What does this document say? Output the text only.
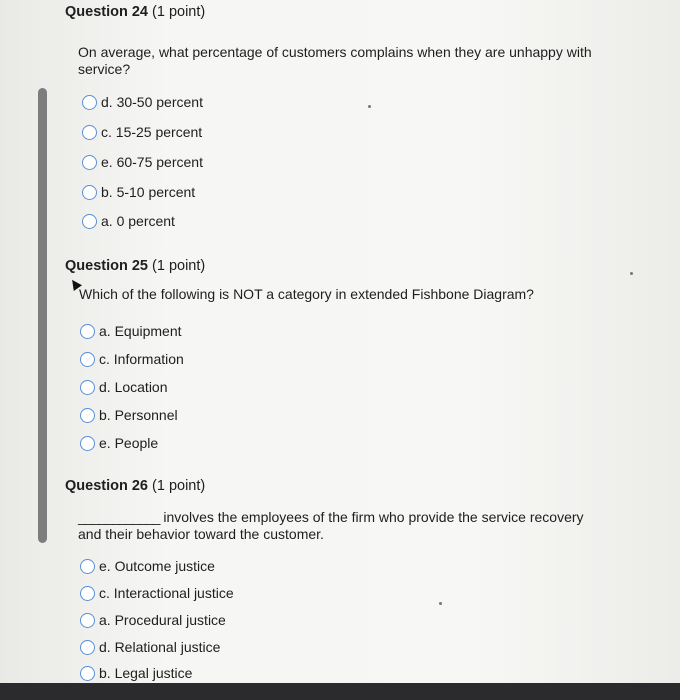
Question 24 (1 point)
On average, what percentage of customers complains when they are unhappy with service?
d. 30-50 percent
c. 15-25 percent
e. 60-75 percent
b. 5-10 percent
a. 0 percent
Question 25 (1 point)
Which of the following is NOT a category in extended Fishbone Diagram?
a. Equipment
c. Information
d. Location
b. Personnel
e. People
Question 26 (1 point)
____________ involves the employees of the firm who provide the service recovery and their behavior toward the customer.
e. Outcome justice
c. Interactional justice
a. Procedural justice
d. Relational justice
b. Legal justice
